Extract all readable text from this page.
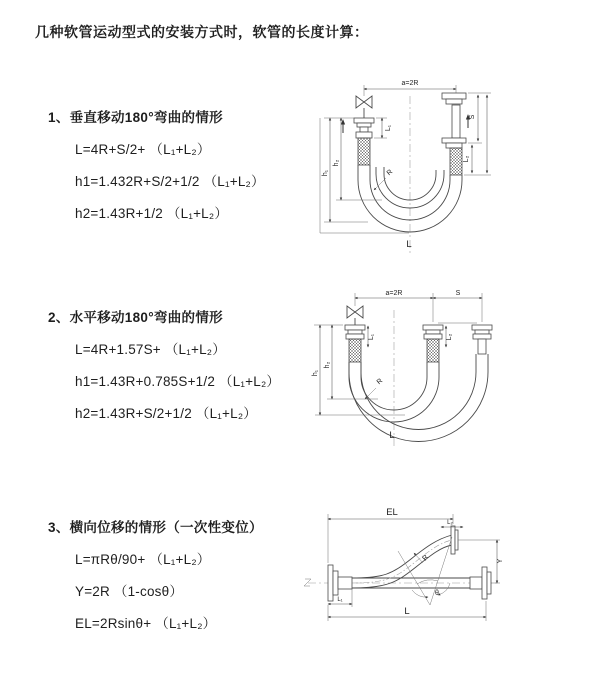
几种软管运动型式的安装方式时，软管的长度计算：
1、垂直移动180°弯曲的情形
L=4R+S/2+ （L₁+L₂）
h1=1.432R+S/2+1/2 （L₁+L₂）
h2=1.43R+1/2 （L₁+L₂）
2、水平移动180°弯曲的情形
L=4R+1.57S+ （L₁+L₂）
h1=1.43R+0.785S+1/2 （L₁+L₂）
h2=1.43R+S/2+1/2 （L₁+L₂）
3、横向位移的情形（一次性变位）
L=πRθ/90+ （L₁+L₂）
Y=2R （1-cosθ）
EL=2Rsinθ+ （L₁+L₂）
a=2R
h₁
h₂
L₁
S
L₂
R
L
a=2R	S
h₁
h₂
L₁	L₂
R
L
EL
L₂
Y
θ
R
L₁
L
